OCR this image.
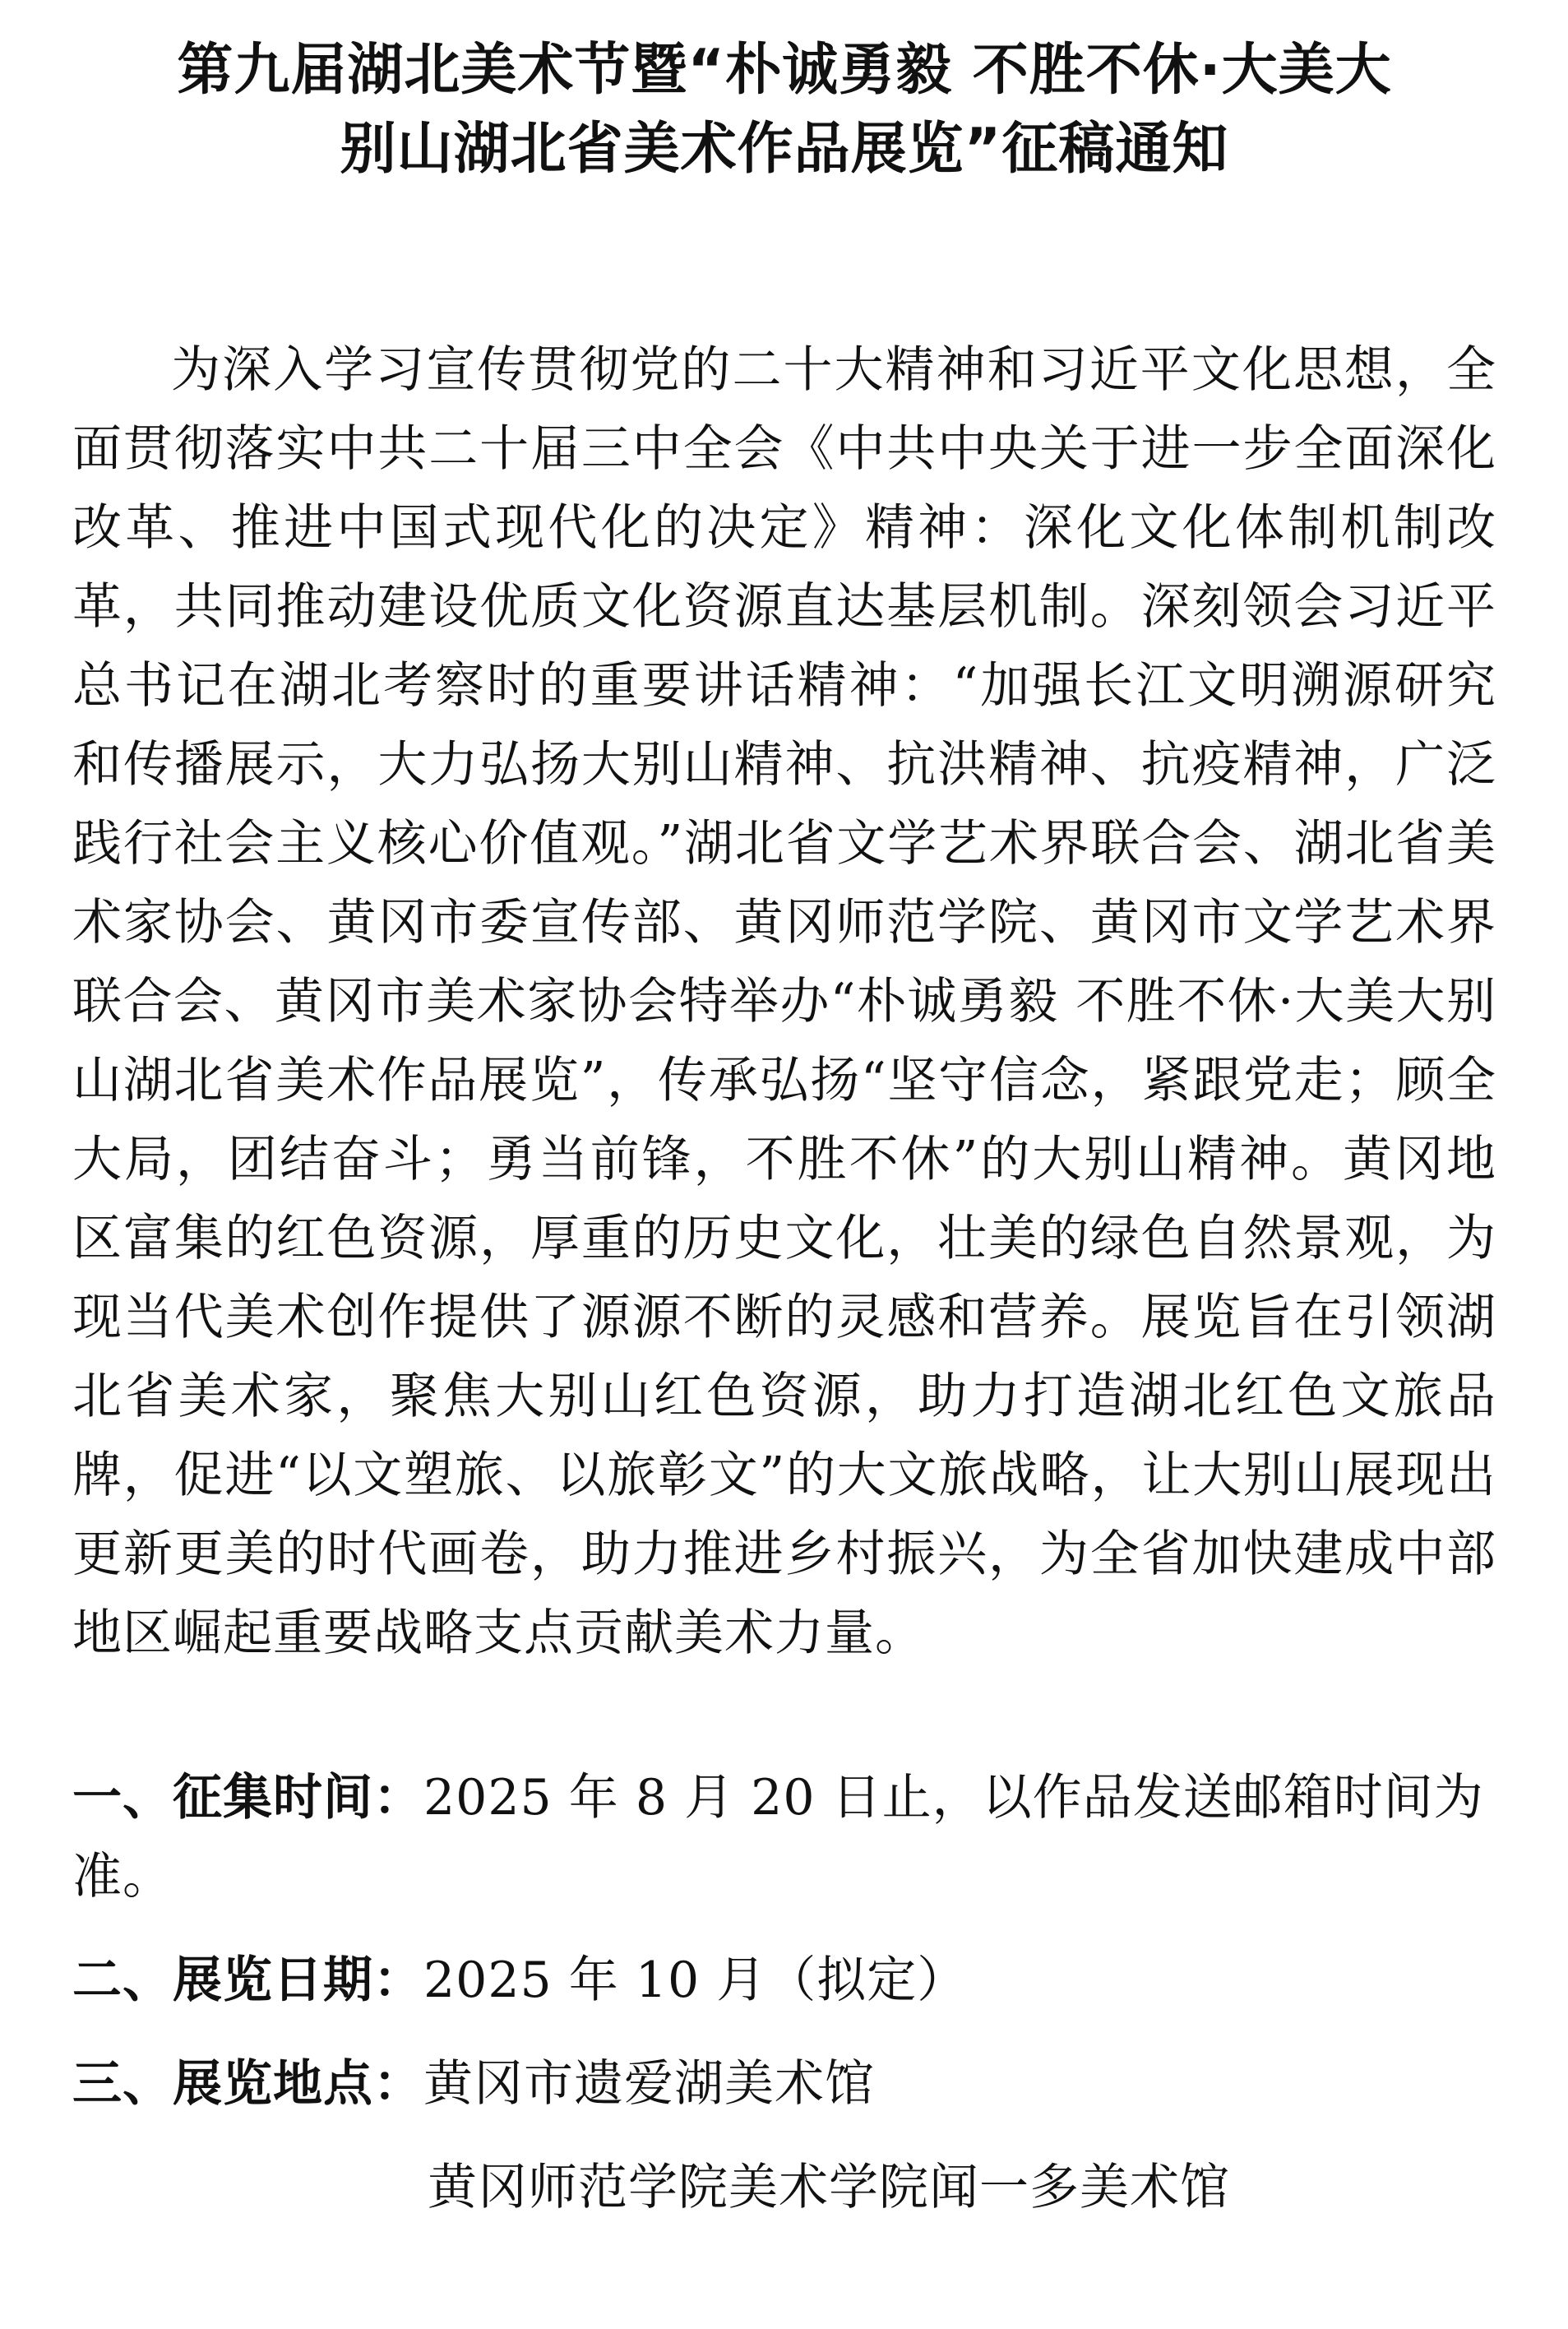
第九届湖北美术节暨“朴诚勇毅 不胜不休·大美大
别山湖北省美术作品展览”征稿通知

为深入学习宣传贯彻党的二十大精神和习近平文化思想，全面贯彻落实中共二十届三中全会《中共中央关于进一步全面深化改革、推进中国式现代化的决定》精神：深化文化体制机制改革，共同推动建设优质文化资源直达基层机制。深刻领会习近平总书记在湖北考察时的重要讲话精神：“加强长江文明溯源研究和传播展示，大力弘扬大别山精神、抗洪精神、抗疫精神，广泛践行社会主义核心价值观。”湖北省文学艺术界联合会、湖北省美术家协会、黄冈市委宣传部、黄冈师范学院、黄冈市文学艺术界联合会、黄冈市美术家协会特举办“朴诚勇毅 不胜不休·大美大别山湖北省美术作品展览”，传承弘扬“坚守信念，紧跟党走；顾全大局，团结奋斗；勇当前锋，不胜不休”的大别山精神。黄冈地区富集的红色资源，厚重的历史文化，壮美的绿色自然景观，为现当代美术创作提供了源源不断的灵感和营养。展览旨在引领湖北省美术家，聚焦大别山红色资源，助力打造湖北红色文旅品牌，促进“以文塑旅、以旅彰文”的大文旅战略，让大别山展现出更新更美的时代画卷，助力推进乡村振兴，为全省加快建成中部地区崛起重要战略支点贡献美术力量。

一、征集时间：2025 年 8 月 20 日止，以作品发送邮箱时间为准。

二、展览日期：2025 年 10 月（拟定）

三、展览地点：黄冈市遗爱湖美术馆
黄冈师范学院美术学院闻一多美术馆
